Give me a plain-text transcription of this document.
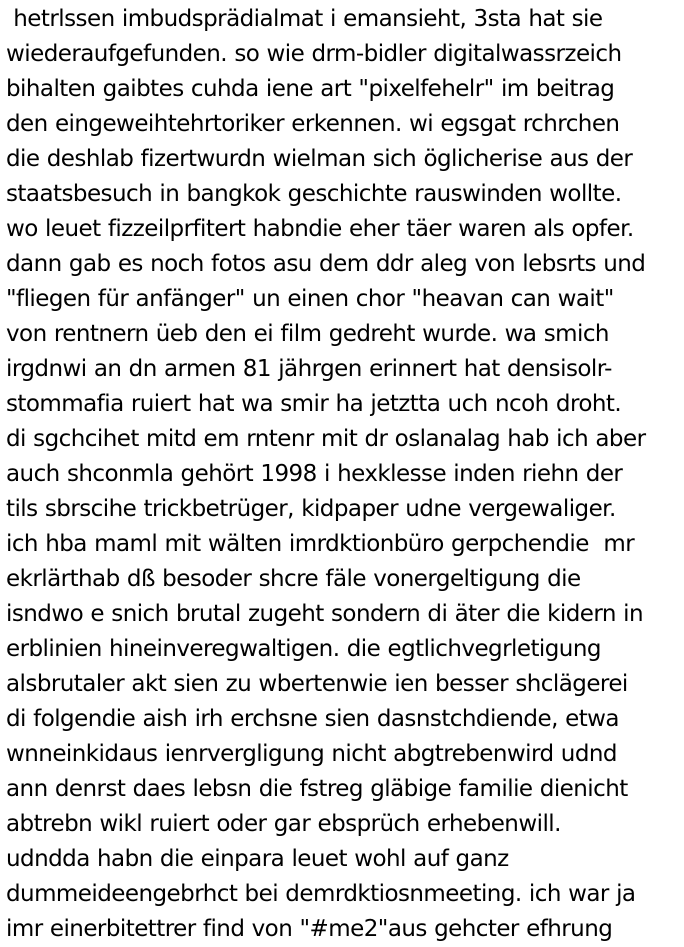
hetrlssen imbudsprädialmat i emansieht, 3sta hat sie
wiederaufgefunden. so wie drm-bidler digitalwassrzeich
bihalten gaibtes cuhda iene art "pixelfehelr" im beitrag
den eingeweihtehrtoriker erkennen. wi egsgat rchrchen
die deshlab fizertwurdn wielman sich öglicherise aus der
staatsbesuch in bangkok geschichte rauswinden wollte.
wo leuet fizzeilprfitert habndie eher täer waren als opfer.
dann gab es noch fotos asu dem ddr aleg von lebsrts und
"fliegen für anfänger" un einen chor "heavan can wait"
von rentnern üeb den ei film gedreht wurde. wa smich
irgdnwi an dn armen 81 jährgen erinnert hat densisolr-
stommafia ruiert hat wa smir ha jetztta uch ncoh droht.
di sgchcihet mitd em rntenr mit dr oslanalag hab ich aber
auch shconmla gehört 1998 i hexklesse inden riehn der
tils sbrscihe trickbetrüger, kidpaper udne vergewaliger.
ich hba maml mit wälten imrdktionbüro gerpchendie  mr
ekrlärthab dß besoder shcre fäle vonergeltigung die
isndwo e snich brutal zugeht sondern di äter die kidern in
erblinien hineinveregwaltigen. die egtlichvegrletigung
alsbrutaler akt sien zu wbertenwie ien besser shclägerei
di folgendie aish irh erchsne sien dasnstchdiende, etwa
wnneinkidaus ienrvergligung nicht abgtrebenwird udnd
ann denrst daes lebsn die fstreg gläbige familie dienicht
abtrebn wikl ruiert oder gar ebsprüch erhebenwill.
udndda habn die einpara leuet wohl auf ganz
dummeideengebrhct bei demrdktiosnmeeting. ich war ja
imr einerbitettrer find von "#me2"aus gehcter efhrung
